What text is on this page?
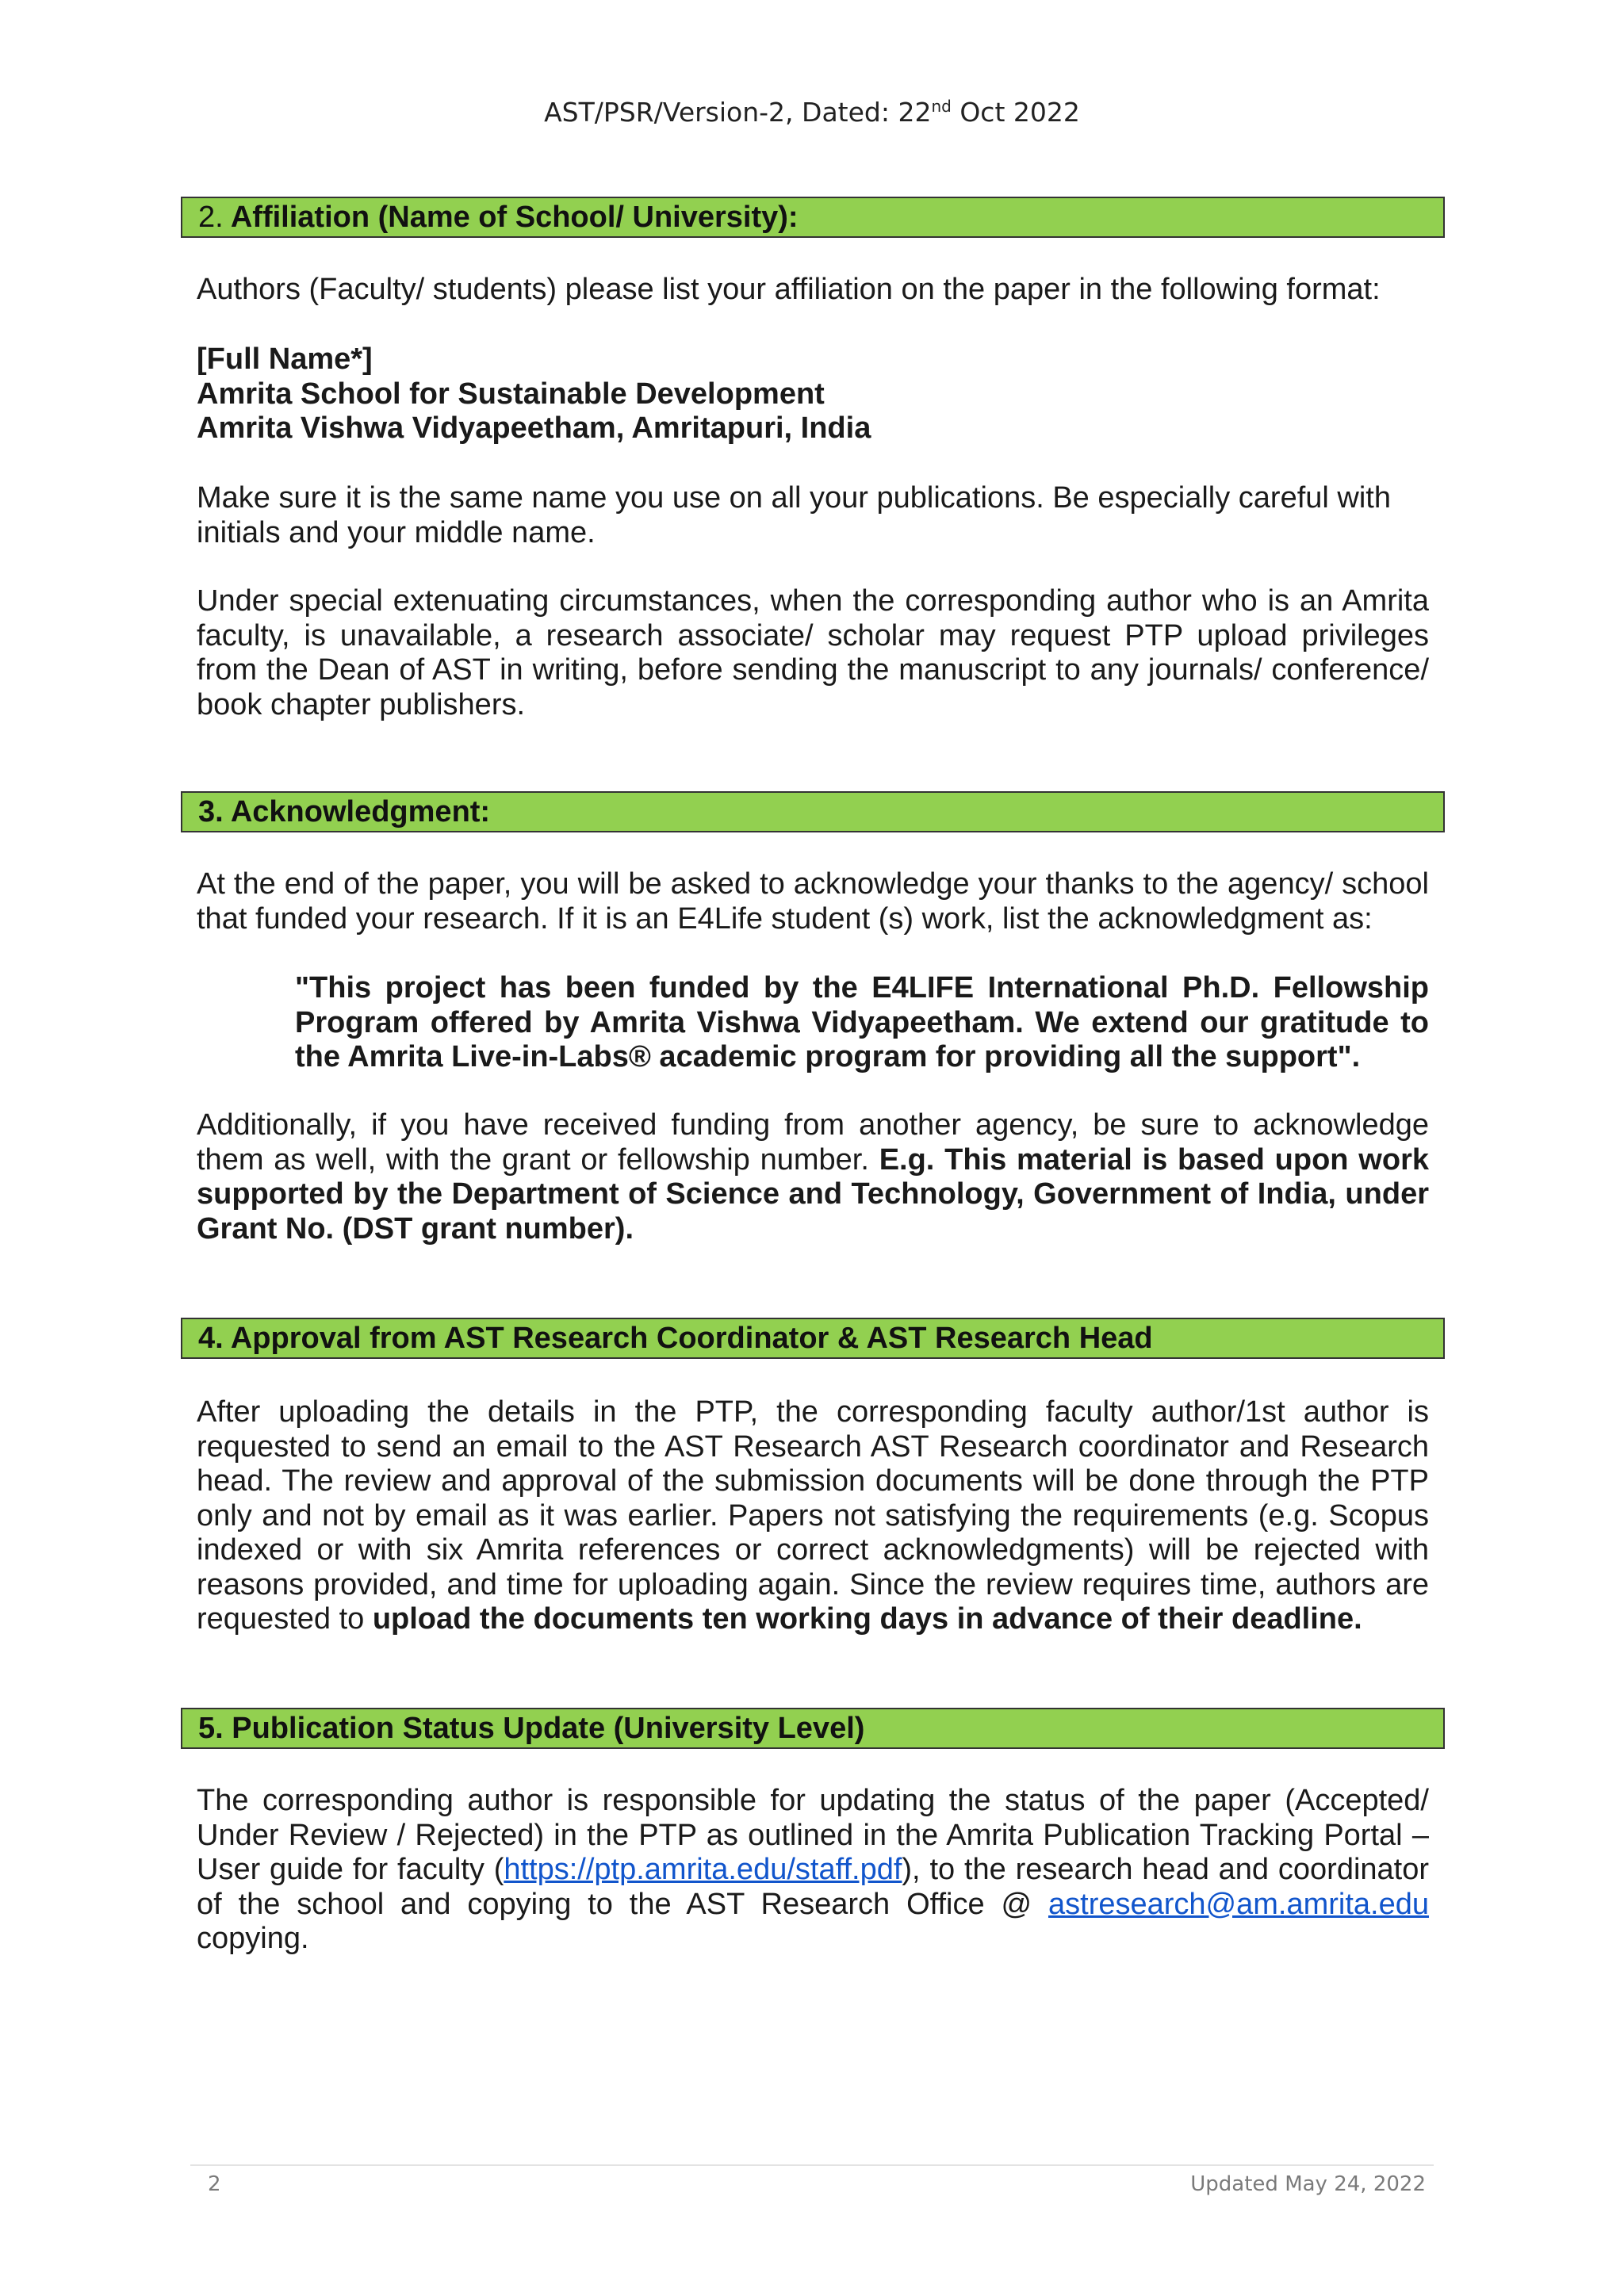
AST/PSR/Version-2, Dated: 22nd Oct 2022
2. Affiliation (Name of School/ University):

Authors (Faculty/ students) please list your affiliation on the paper in the following format:

[Full Name*]
Amrita School for Sustainable Development
Amrita Vishwa Vidyapeetham, Amritapuri, India

Make sure it is the same name you use on all your publications. Be especially careful with initials and your middle name.

Under special extenuating circumstances, when the corresponding author who is an Amrita faculty, is unavailable, a research associate/ scholar may request PTP upload privileges from the Dean of AST in writing, before sending the manuscript to any journals/ conference/ book chapter publishers.

3. Acknowledgment:

At the end of the paper, you will be asked to acknowledge your thanks to the agency/ school that funded your research. If it is an E4Life student (s) work, list the acknowledgment as:

"This project has been funded by the E4LIFE International Ph.D. Fellowship Program offered by Amrita Vishwa Vidyapeetham. We extend our gratitude to the Amrita Live-in-Labs® academic program for providing all the support".

Additionally, if you have received funding from another agency, be sure to acknowledge them as well, with the grant or fellowship number. E.g. This material is based upon work supported by the Department of Science and Technology, Government of India, under Grant No. (DST grant number).

4. Approval from AST Research Coordinator & AST Research Head

After uploading the details in the PTP, the corresponding faculty author/1st author is requested to send an email to the AST Research AST Research coordinator and Research head. The review and approval of the submission documents will be done through the PTP only and not by email as it was earlier. Papers not satisfying the requirements (e.g. Scopus indexed or with six Amrita references or correct acknowledgments) will be rejected with reasons provided, and time for uploading again. Since the review requires time, authors are requested to upload the documents ten working days in advance of their deadline.

5. Publication Status Update (University Level)

The corresponding author is responsible for updating the status of the paper (Accepted/ Under Review / Rejected) in the PTP as outlined in the Amrita Publication Tracking Portal – User guide for faculty (https://ptp.amrita.edu/staff.pdf), to the research head and coordinator of the school and copying to the AST Research Office @ astresearch@am.amrita.edu copying.

2	Updated May 24, 2022
